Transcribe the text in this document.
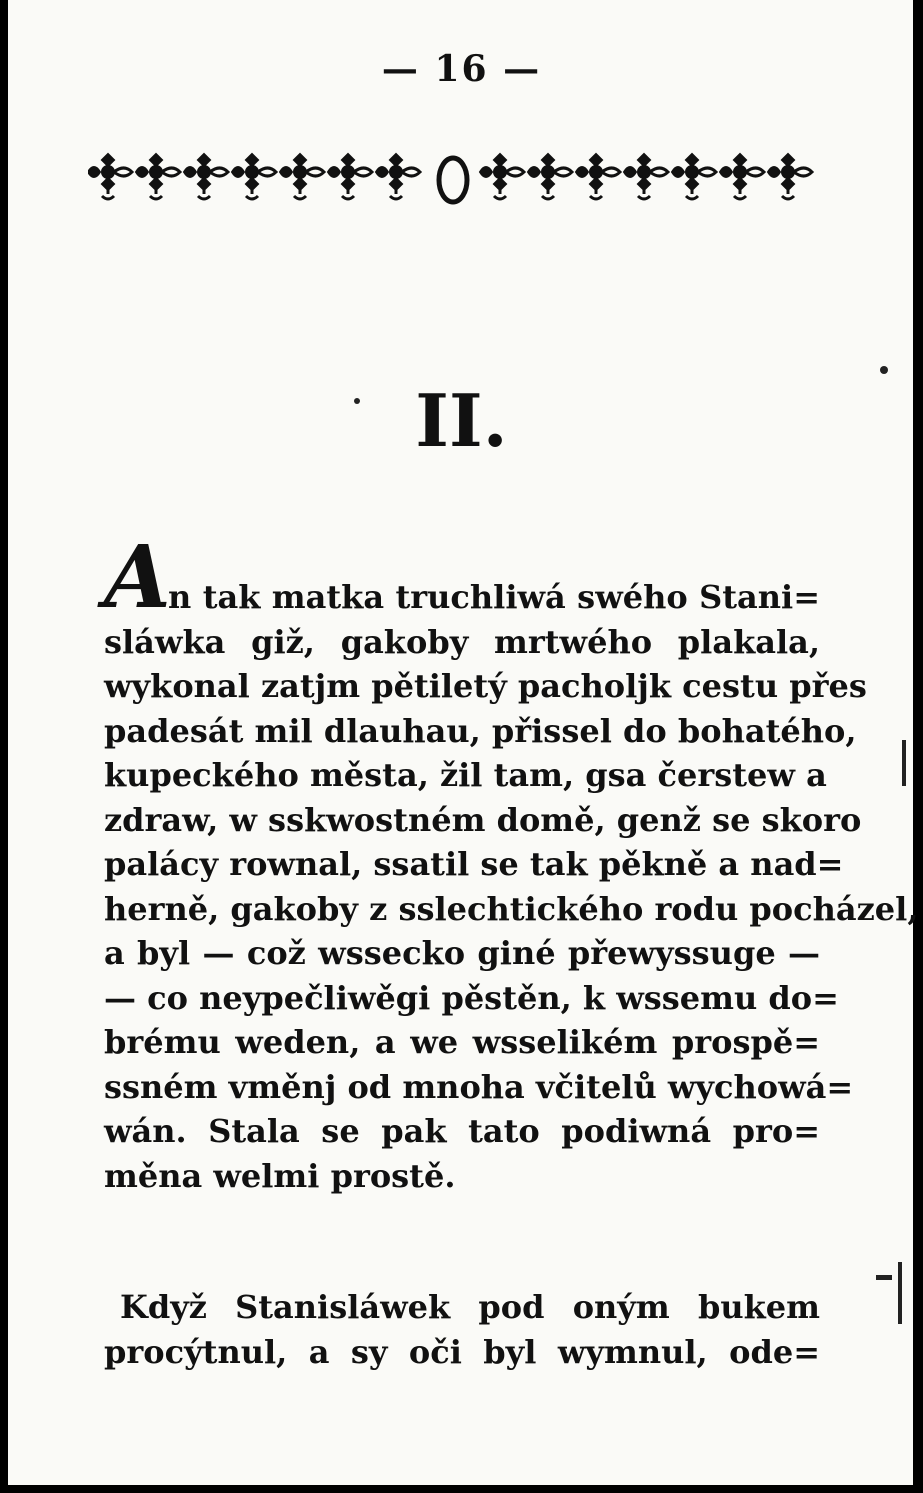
— 16 —
II.
A
n tak matka truchliwá swého Stani=
sláwka giž, gakoby mrtwého plakala,
wykonal zatjm pětiletý pacholjk cestu přes
padesát mil dlauhau, přissel do bohatého,
kupeckého města, žil tam, gsa čerstew a
zdraw, w sskwostném domě, genž se skoro
palácy rownal, ssatil se tak pěkně a nad=
herně, gakoby z sslechtického rodu pocházel,
a byl — což wssecko giné přewyssuge —
— co neypečliwěgi pěstěn, k wssemu do=
brému weden, a we wsselikém prospě=
ssném vměnj od mnoha včitelů wychowá=
wán. Stala se pak tato podiwná pro=
měna welmi prostě.
Když Stanisláwek pod oným bukem
procýtnul, a sy oči byl wymnul, ode=
